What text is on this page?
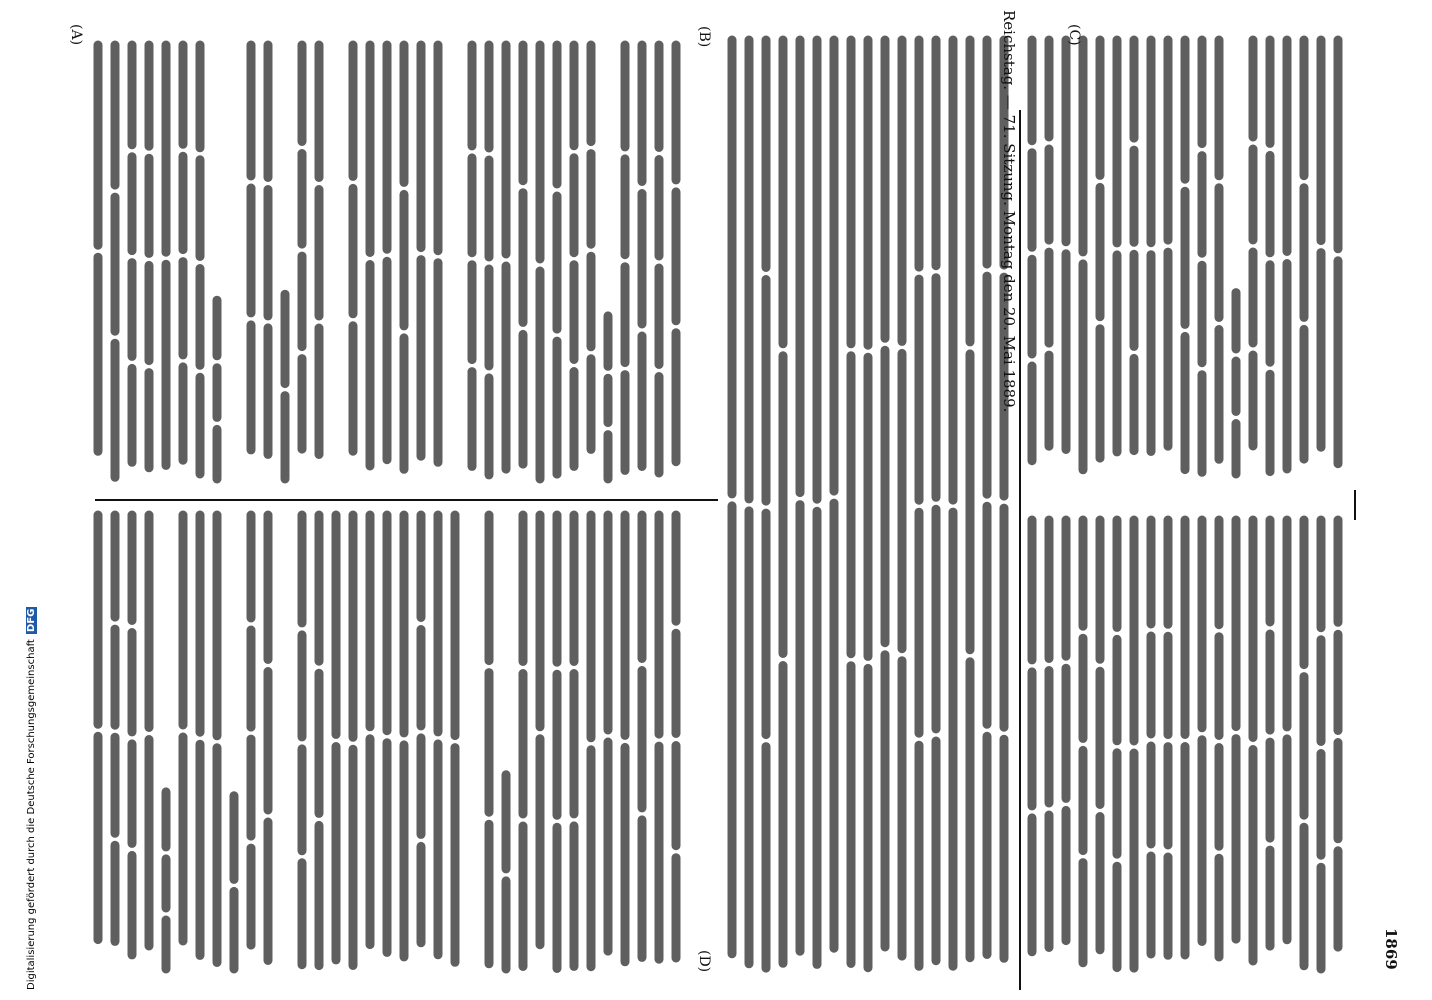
Reichstag. — 71. Sitzung. Montag den 20. Mai 1889.
1869
(A)	(B)	(C)
(D)
Digitalisierung gefördert durch die Deutsche Forschungsgemeinschaft DFG
